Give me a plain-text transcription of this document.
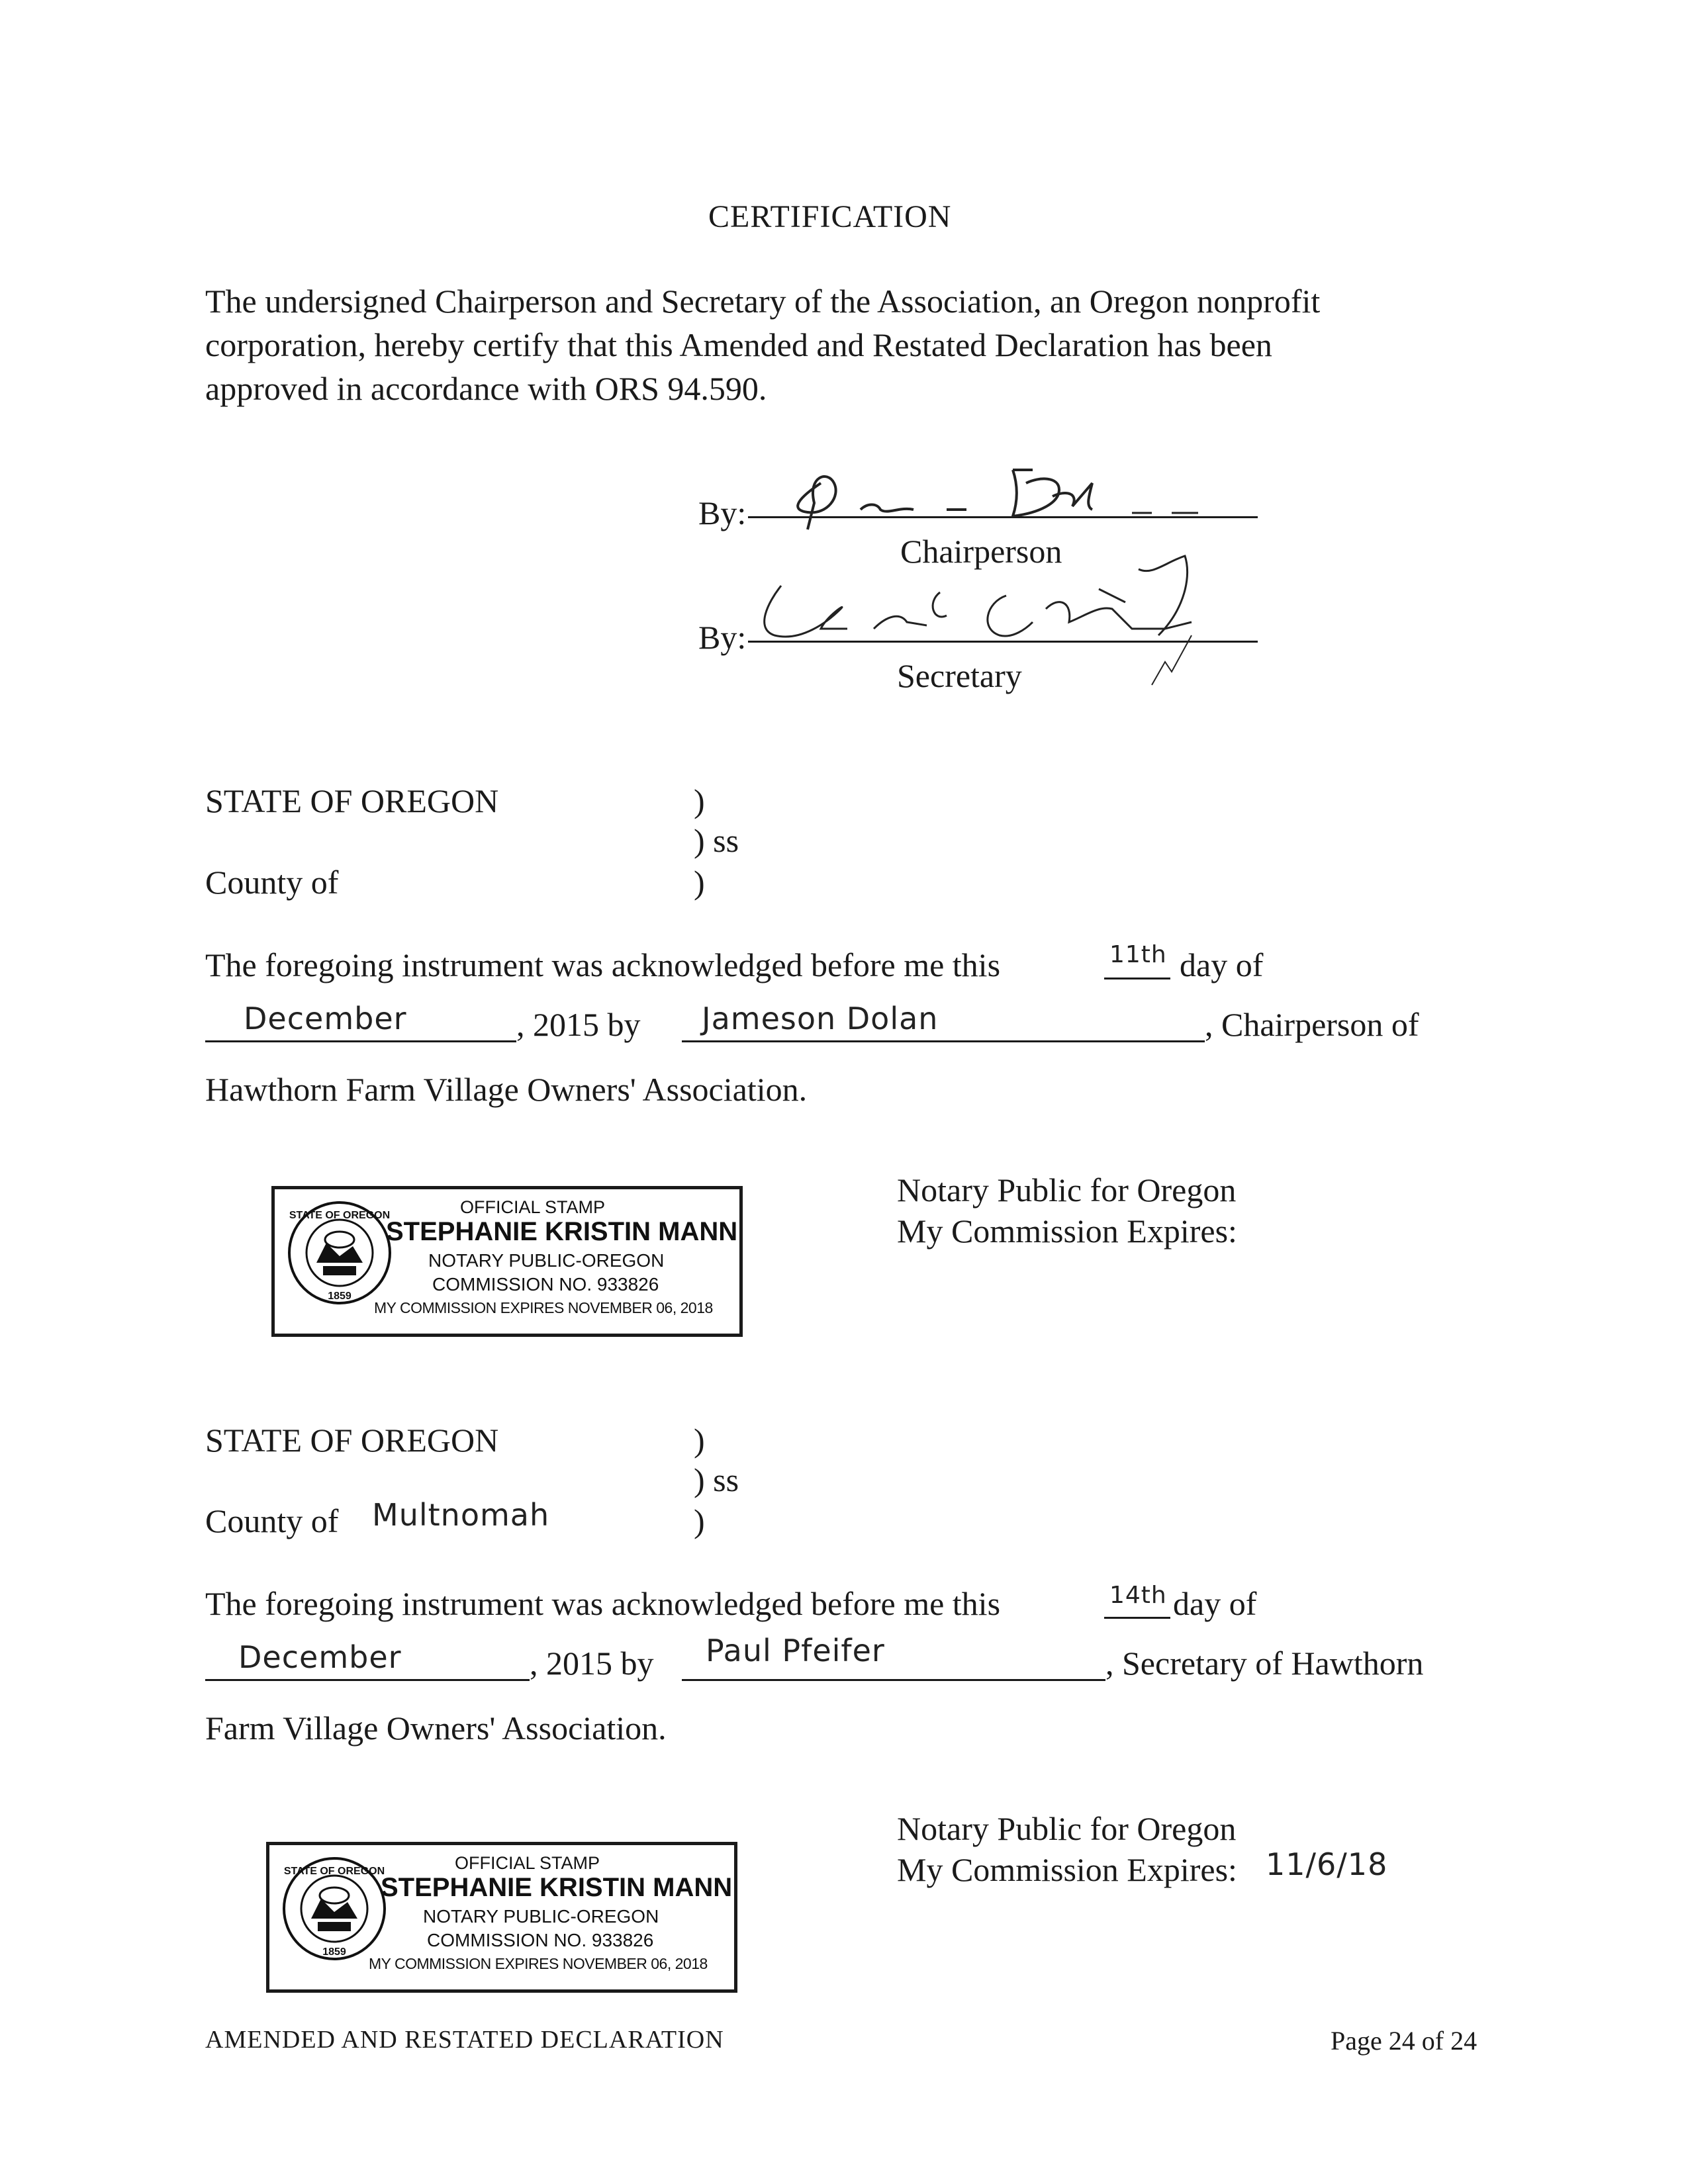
CERTIFICATION
The undersigned Chairperson and Secretary of the Association, an Oregon nonprofit
corporation, hereby certify that this Amended and Restated Declaration has been
approved in accordance with ORS 94.590.
By:
Chairperson
By:
Secretary
STATE OF OREGON	)
) ss
County of	)
The foregoing instrument was acknowledged before me this	11th day of
December	, 2015 by Jameson Dolan	, Chairperson of
Hawthorn Farm Village Owners' Association.
STATE OF OREGON
1859
OFFICIAL STAMP
STEPHANIE KRISTIN MANN
NOTARY PUBLIC-OREGON
COMMISSION NO. 933826
MY COMMISSION EXPIRES NOVEMBER 06, 2018
Notary Public for Oregon
My Commission Expires:
STATE OF OREGON	)
) ss
County of Multnomah	)
The foregoing instrument was acknowledged before me this	14th day of
December	, 2015 by Paul Pfeifer	, Secretary of Hawthorn
Farm Village Owners' Association.
STATE OF OREGON
1859
OFFICIAL STAMP
STEPHANIE KRISTIN MANN
NOTARY PUBLIC-OREGON
COMMISSION NO. 933826
MY COMMISSION EXPIRES NOVEMBER 06, 2018
Notary Public for Oregon
My Commission Expires: 11/6/18
AMENDED AND RESTATED DECLARATION	Page 24 of 24
